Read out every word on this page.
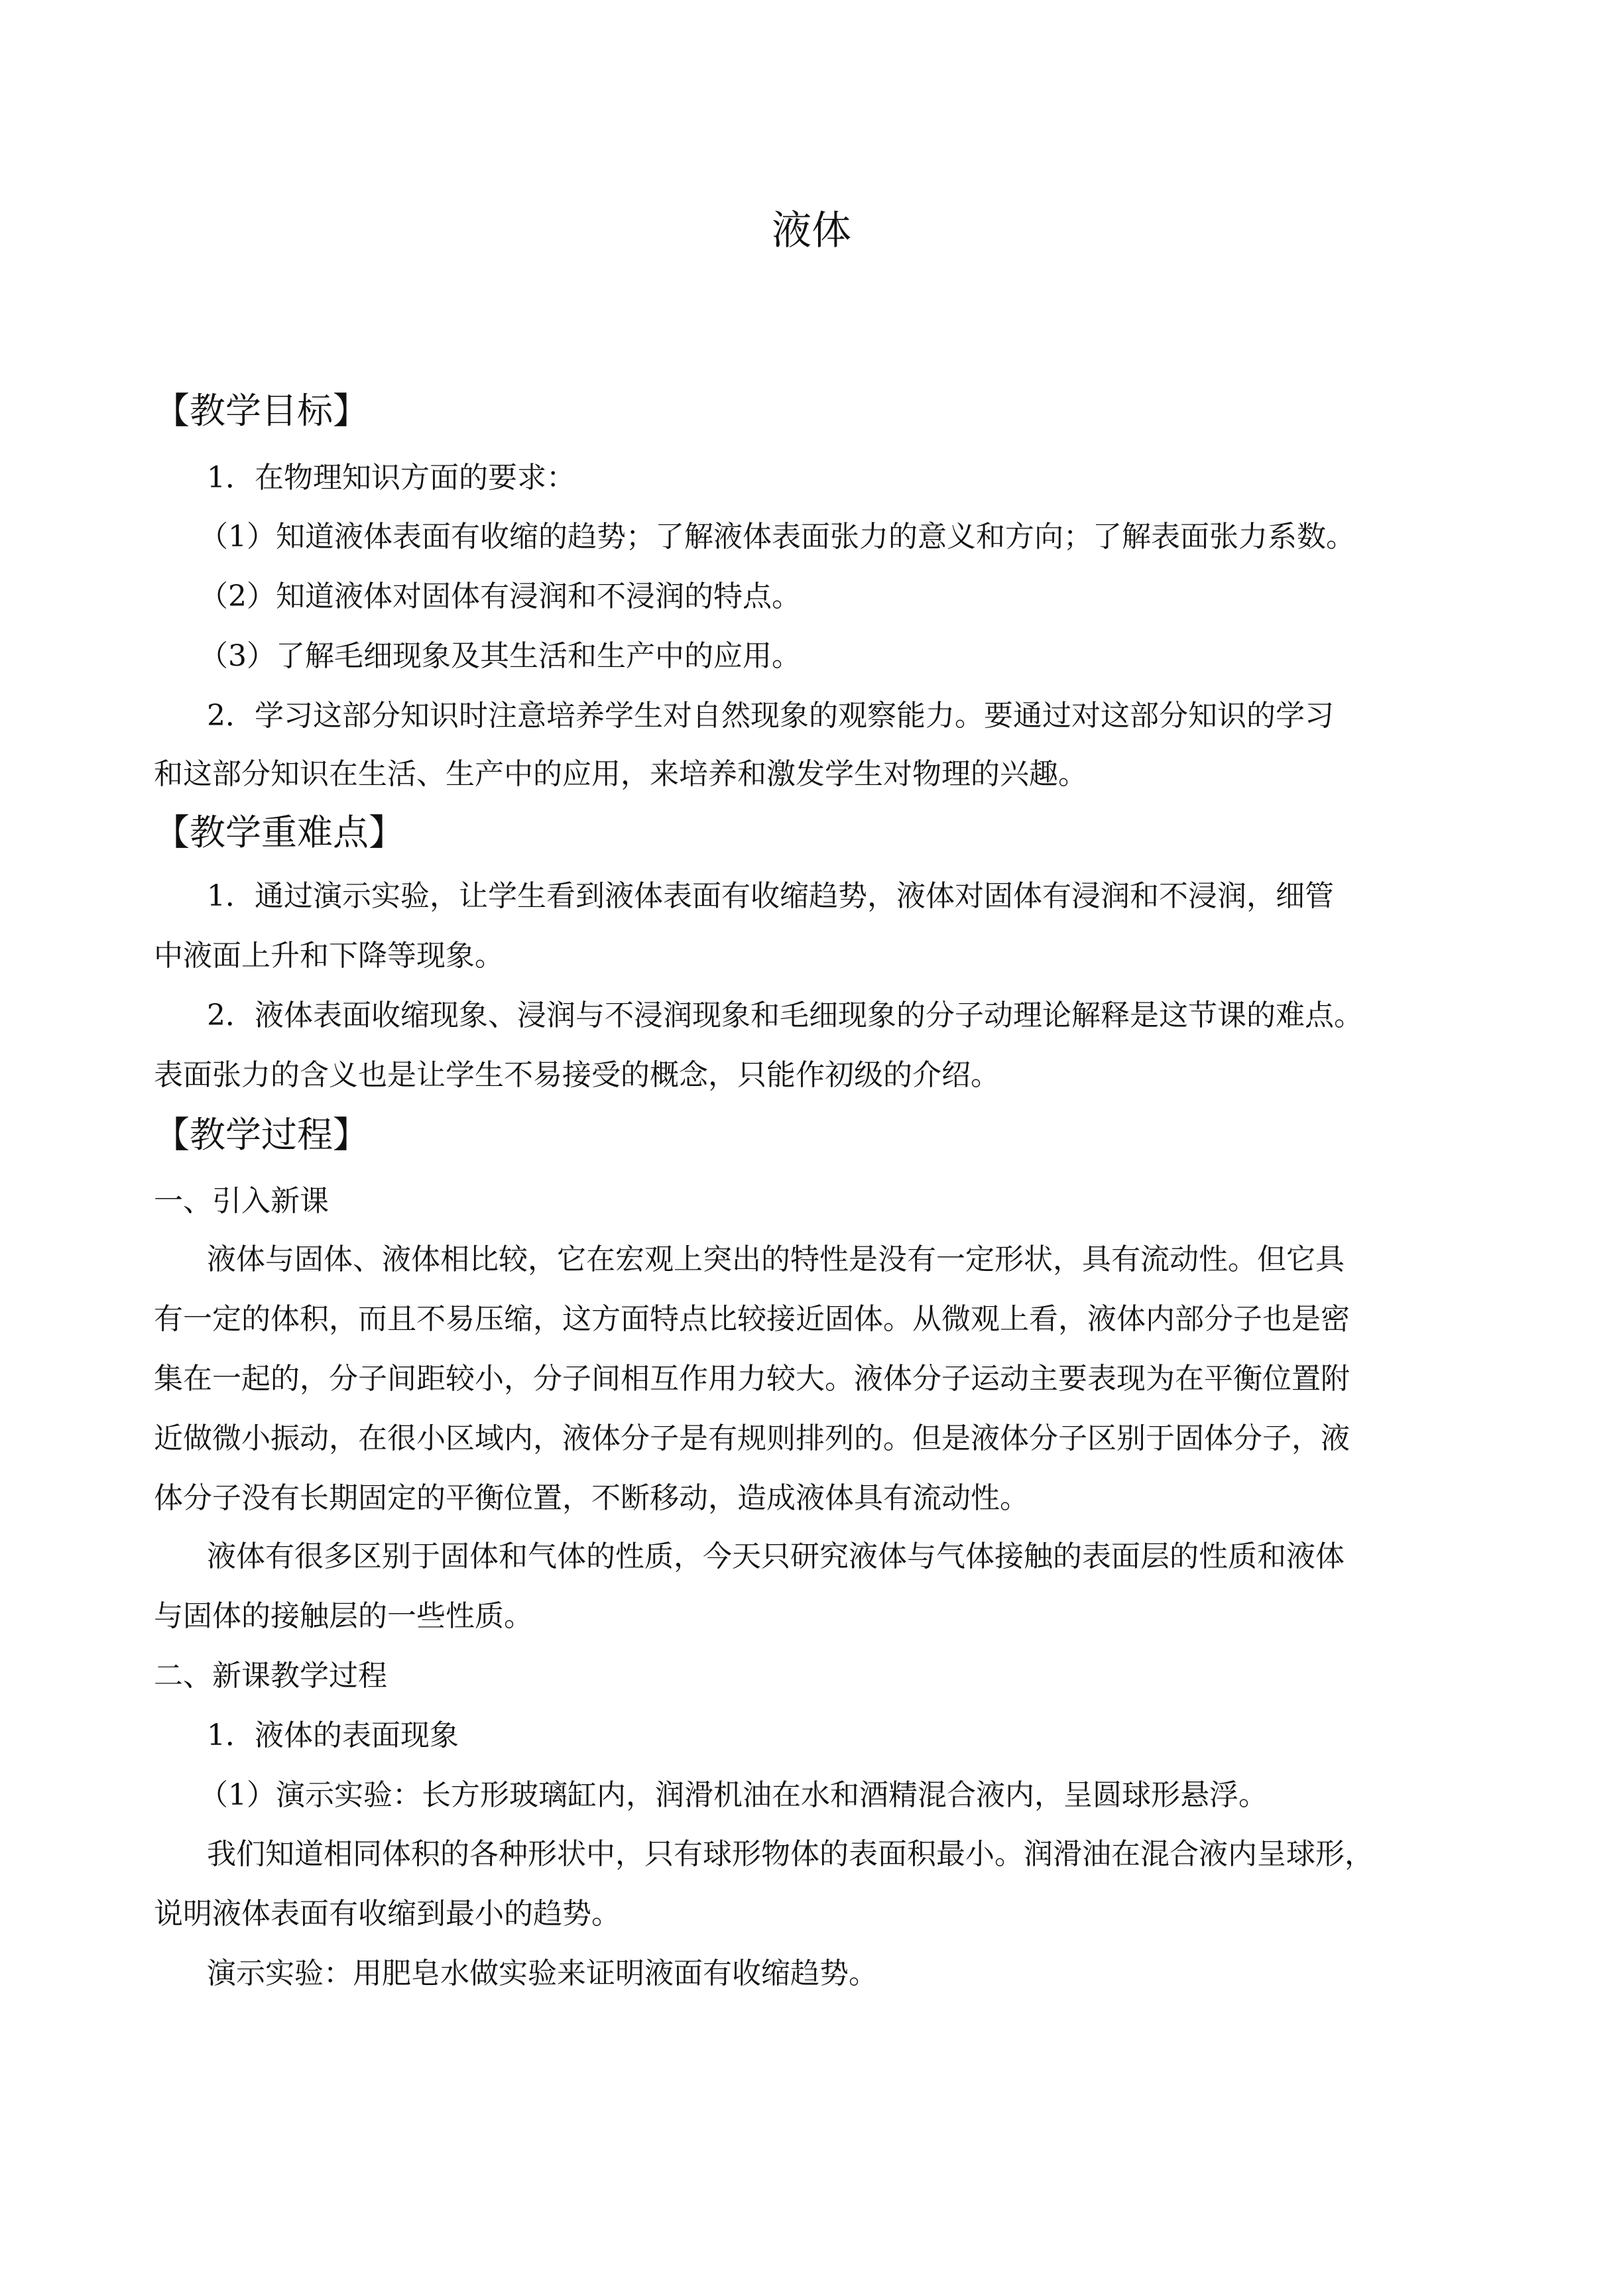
液体
【教学目标】

1．在物理知识方面的要求：

（1）知道液体表面有收缩的趋势；了解液体表面张力的意义和方向；了解表面张力系数。

（2）知道液体对固体有浸润和不浸润的特点。

（3）了解毛细现象及其生活和生产中的应用。

2．学习这部分知识时注意培养学生对自然现象的观察能力。要通过对这部分知识的学习

和这部分知识在生活、生产中的应用，来培养和激发学生对物理的兴趣。

【教学重难点】

1．通过演示实验，让学生看到液体表面有收缩趋势，液体对固体有浸润和不浸润，细管

中液面上升和下降等现象。

2．液体表面收缩现象、浸润与不浸润现象和毛细现象的分子动理论解释是这节课的难点。

表面张力的含义也是让学生不易接受的概念，只能作初级的介绍。

【教学过程】

一、引入新课

液体与固体、液体相比较，它在宏观上突出的特性是没有一定形状，具有流动性。但它具

有一定的体积，而且不易压缩，这方面特点比较接近固体。从微观上看，液体内部分子也是密

集在一起的，分子间距较小，分子间相互作用力较大。液体分子运动主要表现为在平衡位置附

近做微小振动，在很小区域内，液体分子是有规则排列的。但是液体分子区别于固体分子，液

体分子没有长期固定的平衡位置，不断移动，造成液体具有流动性。

液体有很多区别于固体和气体的性质，今天只研究液体与气体接触的表面层的性质和液体

与固体的接触层的一些性质。

二、新课教学过程

1．液体的表面现象

（1）演示实验：长方形玻璃缸内，润滑机油在水和酒精混合液内，呈圆球形悬浮。

我们知道相同体积的各种形状中，只有球形物体的表面积最小。润滑油在混合液内呈球形，

说明液体表面有收缩到最小的趋势。

演示实验：用肥皂水做实验来证明液面有收缩趋势。
